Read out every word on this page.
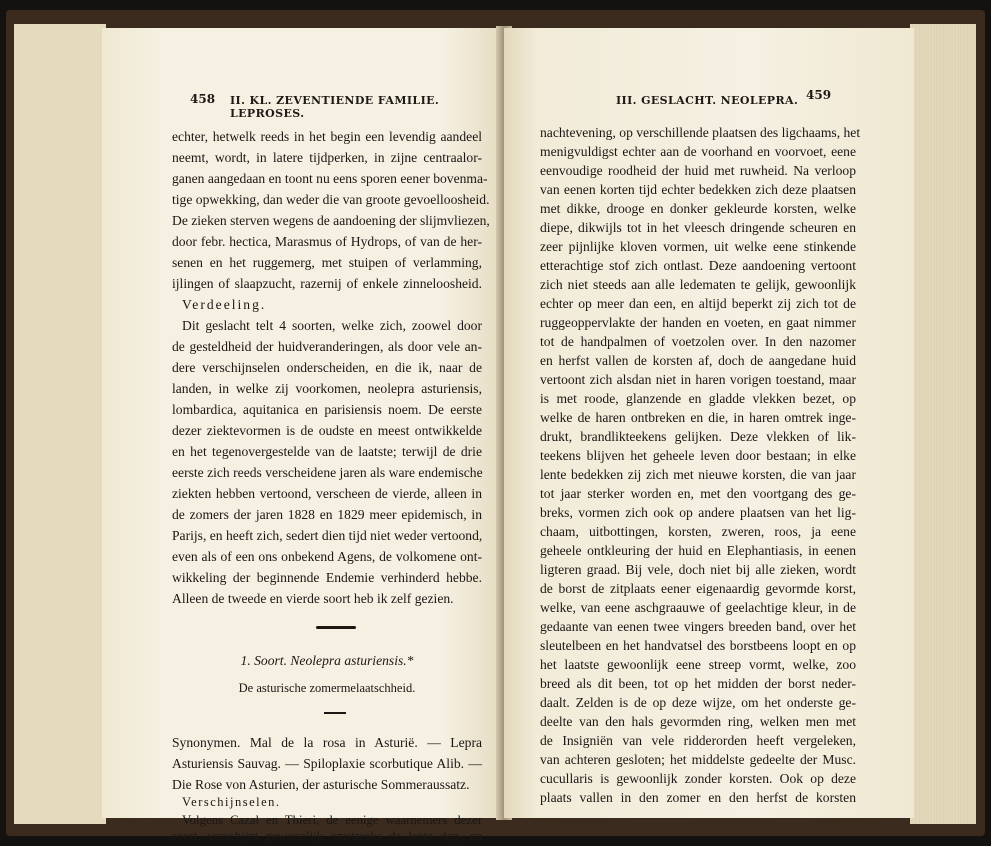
458 II. KL. ZEVENTIENDE FAMILIE. LEPROSES.
echter, hetwelk reeds in het begin een levendig aandeel
neemt, wordt, in latere tijdperken, in zijne centraalor-
ganen aangedaan en toont nu eens sporen eener bovenma-
tige opwekking, dan weder die van groote gevoelloosheid.
De zieken sterven wegens de aandoening der slijmvliezen,
door febr. hectica, Marasmus of Hydrops, of van de her-
senen en het ruggemerg, met stuipen of verlamming,
ijlingen of slaapzucht, razernij of enkele zinneloosheid.
Verdeeling.
Dit geslacht telt 4 soorten, welke zich, zoowel door
de gesteldheid der huidveranderingen, als door vele an-
dere verschijnselen onderscheiden, en die ik, naar de
landen, in welke zij voorkomen, neolepra asturiensis,
lombardica, aquitanica en parisiensis noem. De eerste
dezer ziektevormen is de oudste en meest ontwikkelde
en het tegenovergestelde van de laatste; terwijl de drie
eerste zich reeds verscheidene jaren als ware endemische
ziekten hebben vertoond, verscheen de vierde, alleen in
de zomers der jaren 1828 en 1829 meer epidemisch, in
Parijs, en heeft zich, sedert dien tijd niet weder vertoond,
even als of een ons onbekend Agens, de volkomene ont-
wikkeling der beginnende Endemie verhinderd hebbe.
Alleen de tweede en vierde soort heb ik zelf gezien.
1. Soort. Neolepra asturiensis.*
De asturische zomermelaatschheid.
Synonymen. Mal de la rosa in Asturië. — Lepra
Asturiensis Sauvag. — Spiloplaxie scorbutique Alib. —
Die Rose von Asturien, der asturische Sommeraussatz.
Verschijnselen.
Volgens Cazal en Thieri, de eenige waarnemers dezer
soort, verschijnt gewoonlijk omstreeks de lente dag- en
III. GESLACHT. NEOLEPRA. 459
nachtevening, op verschillende plaatsen des ligchaams, het
menigvuldigst echter aan de voorhand en voorvoet, eene
eenvoudige roodheid der huid met ruwheid. Na verloop
van eenen korten tijd echter bedekken zich deze plaatsen
met dikke, drooge en donker gekleurde korsten, welke
diepe, dikwijls tot in het vleesch dringende scheuren en
zeer pijnlijke kloven vormen, uit welke eene stinkende
etterachtige stof zich ontlast. Deze aandoening vertoont
zich niet steeds aan alle ledematen te gelijk, gewoonlijk
echter op meer dan een, en altijd beperkt zij zich tot de
ruggeoppervlakte der handen en voeten, en gaat nimmer
tot de handpalmen of voetzolen over. In den nazomer
en herfst vallen de korsten af, doch de aangedane huid
vertoont zich alsdan niet in haren vorigen toestand, maar
is met roode, glanzende en gladde vlekken bezet, op
welke de haren ontbreken en die, in haren omtrek inge-
drukt, brandlikteekens gelijken. Deze vlekken of lik-
teekens blijven het geheele leven door bestaan; in elke
lente bedekken zij zich met nieuwe korsten, die van jaar
tot jaar sterker worden en, met den voortgang des ge-
breks, vormen zich ook op andere plaatsen van het lig-
chaam, uitbottingen, korsten, zweren, roos, ja eene
geheele ontkleuring der huid en Elephantiasis, in eenen
ligteren graad. Bij vele, doch niet bij alle zieken, wordt
de borst de zitplaats eener eigenaardig gevormde korst,
welke, van eene aschgraauwe of geelachtige kleur, in de
gedaante van eenen twee vingers breeden band, over het
sleutelbeen en het handvatsel des borstbeens loopt en op
het laatste gewoonlijk eene streep vormt, welke, zoo
breed als dit been, tot op het midden der borst neder-
daalt. Zelden is de op deze wijze, om het onderste ge-
deelte van den hals gevormden ring, welken men met
de Insigniën van vele ridderorden heeft vergeleken,
van achteren gesloten; het middelste gedeelte der Musc.
cucullaris is gewoonlijk zonder korsten. Ook op deze
plaats vallen in den zomer en den herfst de korsten
